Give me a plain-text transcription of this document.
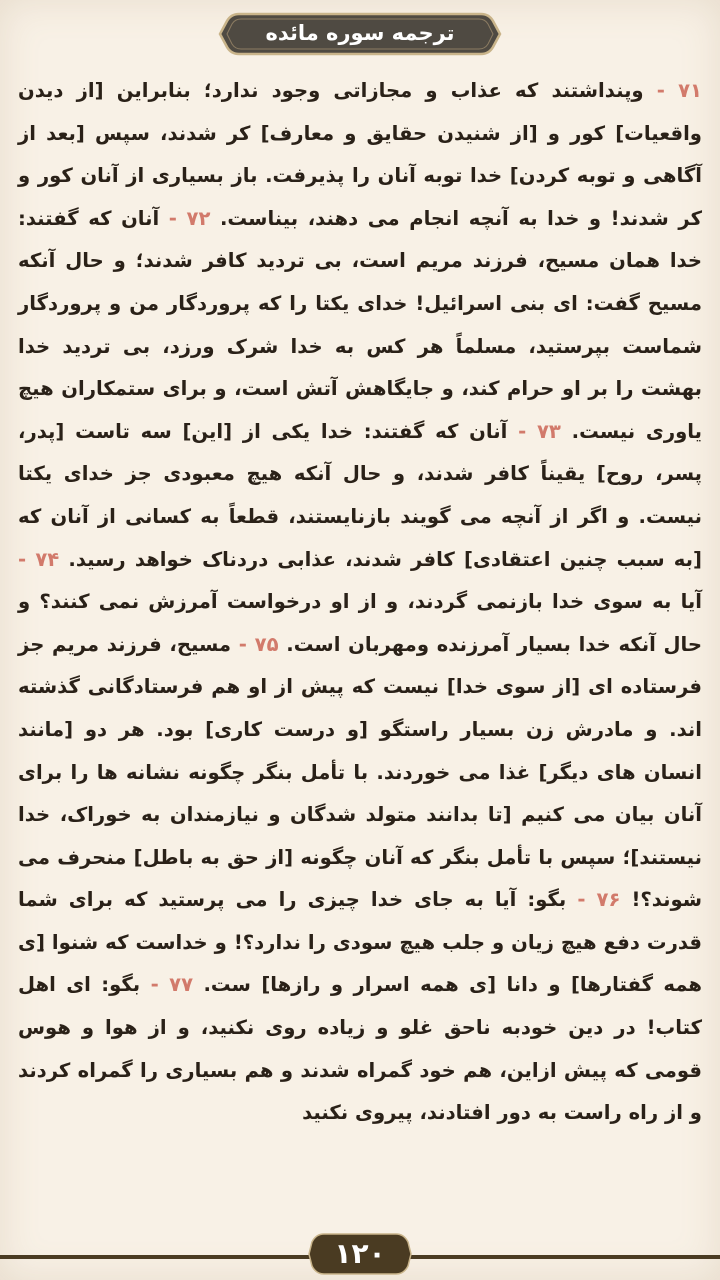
ترجمه سوره مائده
۷۱ - وپنداشتند که عذاب و مجازاتی وجود ندارد؛ بنابراین [از دیدن واقعیات] کور و [از شنیدن حقایق و معارف] کر شدند، سپس [بعد از آگاهی و توبه کردن] خدا توبه آنان را پذیرفت. باز بسیاری از آنان کور و کر شدند! و خدا به آنچه انجام می دهند، بیناست. ۷۲ - آنان که گفتند: خدا همان مسیح، فرزند مریم است، بی تردید کافر شدند؛ و حال آنکه مسیح گفت: ای بنی اسرائیل! خدای یکتا را که پروردگار من و پروردگار شماست بپرستید، مسلماً هر کس به خدا شرک ورزد، بی تردید خدا بهشت را بر او حرام کند، و جایگاهش آتش است، و برای ستمکاران هیچ یاوری نیست. ۷۳ - آنان که گفتند: خدا یکی از [این] سه تاست [پدر، پسر، روح] یقیناً کافر شدند، و حال آنکه هیچ معبودی جز خدای یکتا نیست. و اگر از آنچه می گویند بازنایستند، قطعاً به کسانی از آنان که [به سبب چنین اعتقادی] کافر شدند، عذابی دردناک خواهد رسید. ۷۴ - آیا به سوی خدا بازنمی گردند، و از او درخواست آمرزش نمی کنند؟ و حال آنکه خدا بسیار آمرزنده ومهربان است. ۷۵ - مسیح، فرزند مریم جز فرستاده ای [از سوی خدا] نیست که پیش از او هم فرستادگانی گذشته اند. و مادرش زن بسیار راستگو [و درست کاری] بود. هر دو [مانند انسان های دیگر] غذا می خوردند. با تأمل بنگر چگونه نشانه ها را برای آنان بیان می کنیم [تا بدانند متولد شدگان و نیازمندان به خوراک، خدا نیستند]؛ سپس با تأمل بنگر که آنان چگونه [از حق به باطل] منحرف می شوند؟! ۷۶ - بگو: آیا به جای خدا چیزی را می پرستید که برای شما قدرت دفع هیچ زیان و جلب هیچ سودی را ندارد؟! و خداست که شنوا [ِی همه گفتارها] و دانا [ِی همه اسرار و رازها] ست. ۷۷ - بگو: ای اهل کتاب! در دین خودبه ناحق غلو و زیاده روی نکنید، و از هوا و هوس قومی که پیش ازاین، هم خود گمراه شدند و هم بسیاری را گمراه کردند و از راه راست به دور افتادند، پیروی نکنید
۱۲۰
